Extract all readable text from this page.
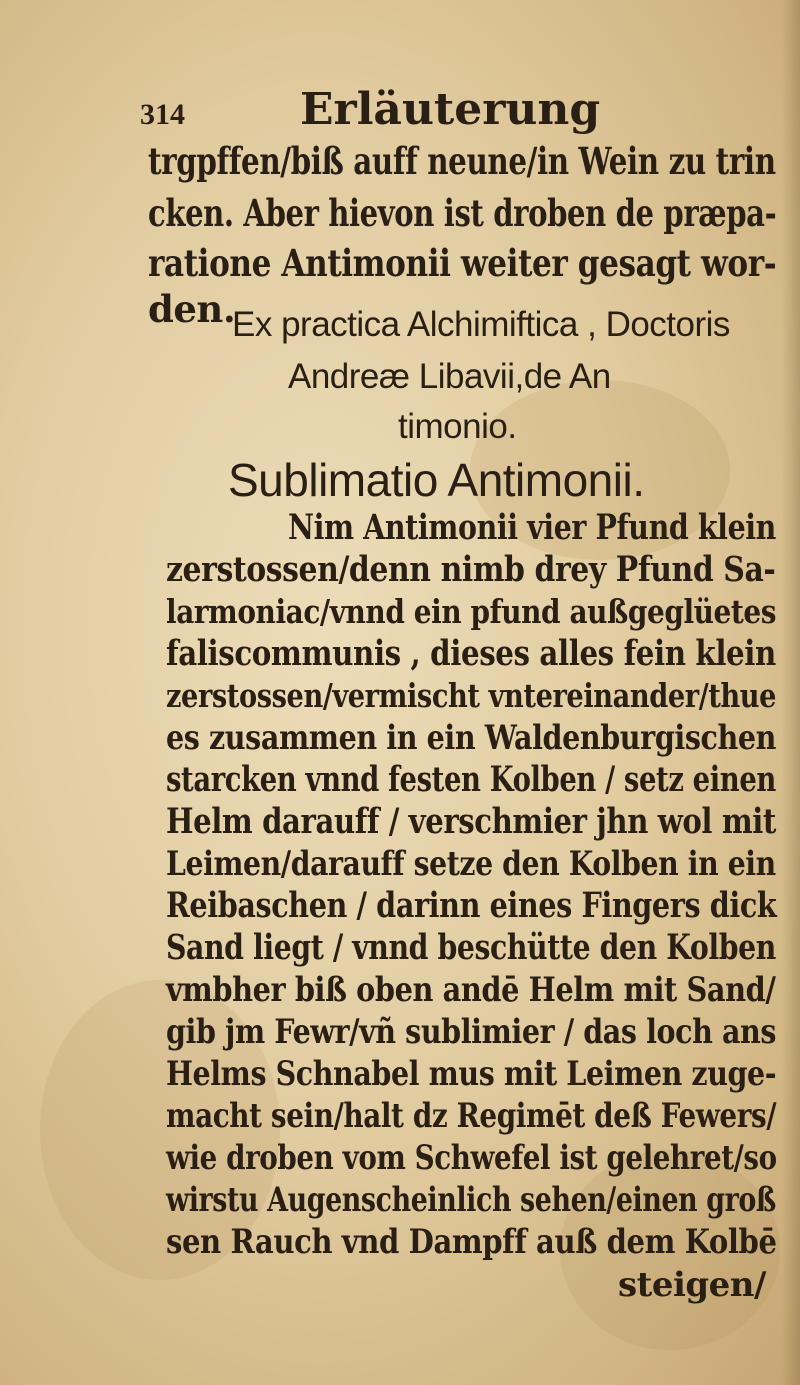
314	Erläuterung
trgpffen/biß auff neune/in Wein zu trin
cken. Aber hievon ist droben de præpa-
ratione Antimonii weiter gesagt wor-
den.
Ex practica Alchimiftica , Doctoris
Andreæ Libavii,de An
timonio.
Sublimatio Antimonii.
Nim Antimonii vier Pfund klein
zerstossen/denn nimb drey Pfund Sa-
larmoniac/vnnd ein pfund außgeglüetes
faliscommunis , dieses alles fein klein
zerstossen/vermischt vntereinander/thue
es zusammen in ein Waldenburgischen
starcken vnnd festen Kolben / setz einen
Helm darauff / verschmier jhn wol mit
Leimen/darauff setze den Kolben in ein
Reibaschen / darinn eines Fingers dick
Sand liegt / vnnd beschütte den Kolben
vmbher biß oben andē Helm mit Sand/
gib jm Fewr/vñ sublimier / das loch ans
Helms Schnabel mus mit Leimen zuge-
macht sein/halt dz Regimēt deß Fewers/
wie droben vom Schwefel ist gelehret/so
wirstu Augenscheinlich sehen/einen groß
sen Rauch vnd Dampff auß dem Kolbē
steigen/
